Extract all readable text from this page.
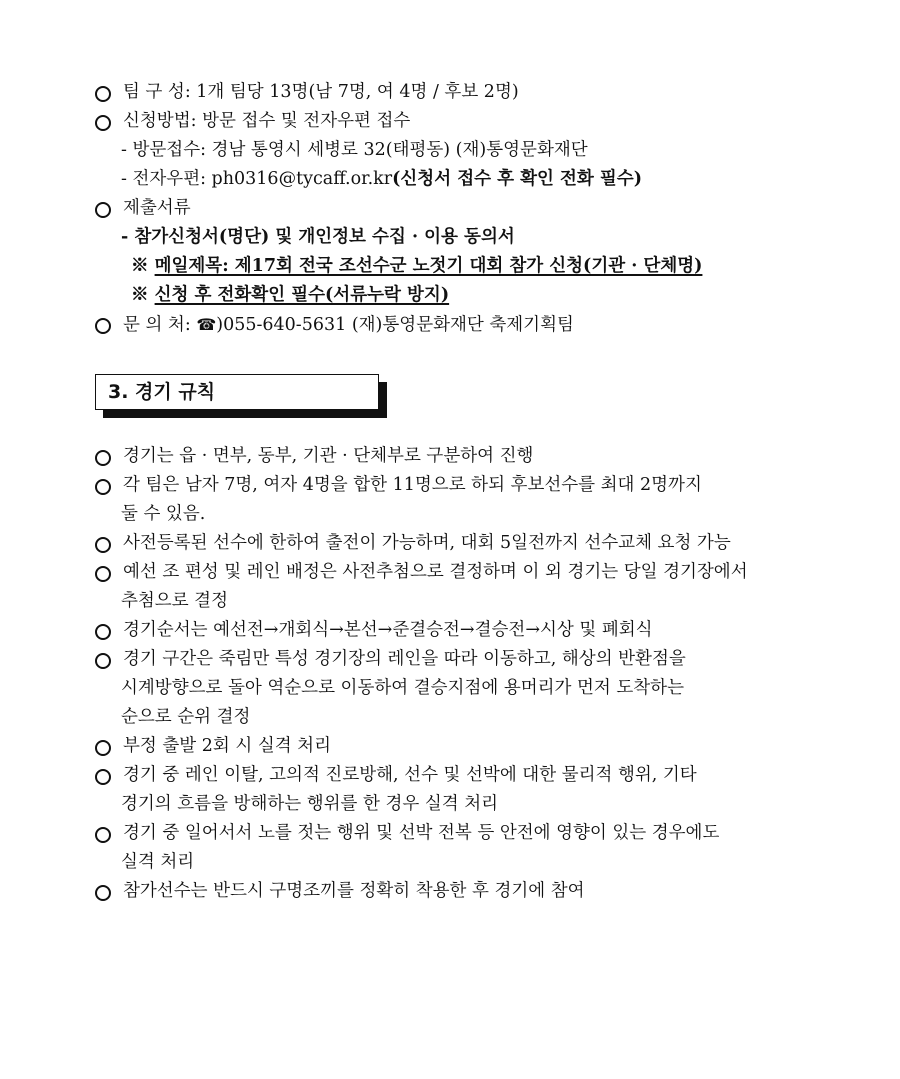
팀 구 성: 1개 팀당 13명(남 7명, 여 4명 / 후보 2명)
신청방법: 방문 접수 및 전자우편 접수
- 방문접수: 경남 통영시 세병로 32(태평동) (재)통영문화재단
- 전자우편: ph0316@tycaff.or.kr(신청서 접수 후 확인 전화 필수)
제출서류
- 참가신청서(명단) 및 개인정보 수집 · 이용 동의서
※ 메일제목: 제17회 전국 조선수군 노젓기 대회 참가 신청(기관 · 단체명)
※ 신청 후 전화확인 필수(서류누락 방지)
문 의 처: ☎)055-640-5631 (재)통영문화재단 축제기획팀
3. 경기 규칙
경기는 읍 · 면부, 동부, 기관 · 단체부로 구분하여 진행
각 팀은 남자 7명, 여자 4명을 합한 11명으로 하되 후보선수를 최대 2명까지
둘 수 있음.
사전등록된 선수에 한하여 출전이 가능하며, 대회 5일전까지 선수교체 요청 가능
예선 조 편성 및 레인 배정은 사전추첨으로 결정하며 이 외 경기는 당일 경기장에서
추첨으로 결정
경기순서는 예선전→개회식→본선→준결승전→결승전→시상 및 폐회식
경기 구간은 죽림만 특성 경기장의 레인을 따라 이동하고, 해상의 반환점을
시계방향으로 돌아 역순으로 이동하여 결승지점에 용머리가 먼저 도착하는
순으로 순위 결정
부정 출발 2회 시 실격 처리
경기 중 레인 이탈, 고의적 진로방해, 선수 및 선박에 대한 물리적 행위, 기타
경기의 흐름을 방해하는 행위를 한 경우 실격 처리
경기 중 일어서서 노를 젓는 행위 및 선박 전복 등 안전에 영향이 있는 경우에도
실격 처리
참가선수는 반드시 구명조끼를 정확히 착용한 후 경기에 참여
